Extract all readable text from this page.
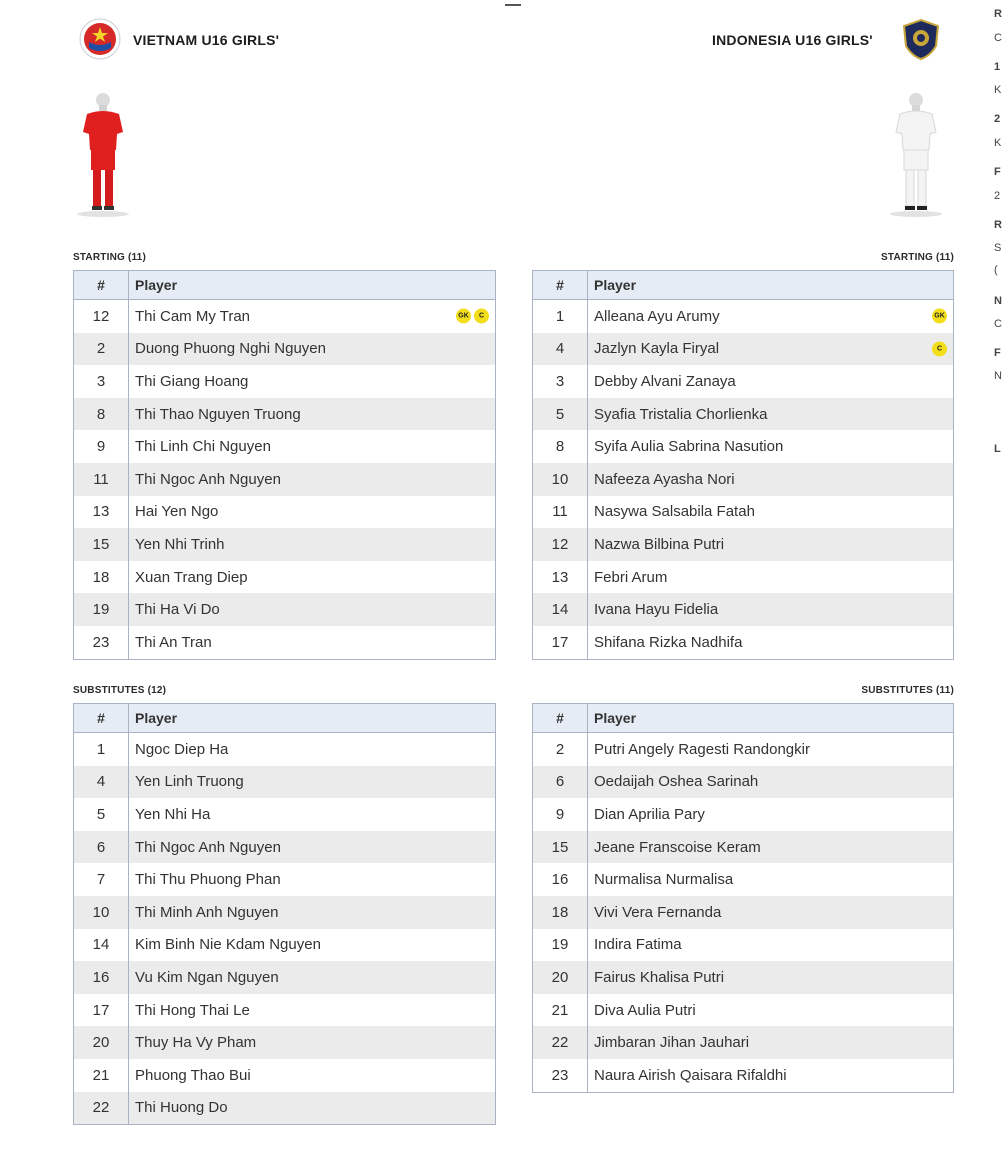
VIETNAM U16 GIRLS'	INDONESIA U16 GIRLS'
STARTING (11)	STARTING (11)
SUBSTITUTES (12)	SUBSTITUTES (11)
#	Player
12	Thi Cam My Tran GK C

2	Duong Phuong Nghi Nguyen

3	Thi Giang Hoang

8	Thi Thao Nguyen Truong

9	Thi Linh Chi Nguyen

11	Thi Ngoc Anh Nguyen

13	Hai Yen Ngo

15	Yen Nhi Trinh

18	Xuan Trang Diep

19	Thi Ha Vi Do

23	Thi An Tran
#	Player
1	Alleana Ayu Arumy GK

4	Jazlyn Kayla Firyal C

3	Debby Alvani Zanaya

5	Syafia Tristalia Chorlienka

8	Syifa Aulia Sabrina Nasution

10	Nafeeza Ayasha Nori

11	Nasywa Salsabila Fatah

12	Nazwa Bilbina Putri

13	Febri Arum

14	Ivana Hayu Fidelia

17	Shifana Rizka Nadhifa
#	Player
1	Ngoc Diep Ha

4	Yen Linh Truong

5	Yen Nhi Ha

6	Thi Ngoc Anh Nguyen

7	Thi Thu Phuong Phan

10	Thi Minh Anh Nguyen

14	Kim Binh Nie Kdam Nguyen

16	Vu Kim Ngan Nguyen

17	Thi Hong Thai Le

20	Thuy Ha Vy Pham

21	Phuong Thao Bui

22	Thi Huong Do
#	Player
2	Putri Angely Ragesti Randongkir

6	Oedaijah Oshea Sarinah

9	Dian Aprilia Pary

15	Jeane Franscoise Keram

16	Nurmalisa Nurmalisa

18	Vivi Vera Fernanda

19	Indira Fatima

20	Fairus Khalisa Putri

21	Diva Aulia Putri

22	Jimbaran Jihan Jauhari

23	Naura Airish Qaisara Rifaldhi
R
C
1
K
2
K
F
2
R
S
(
N
C
F
N
L
